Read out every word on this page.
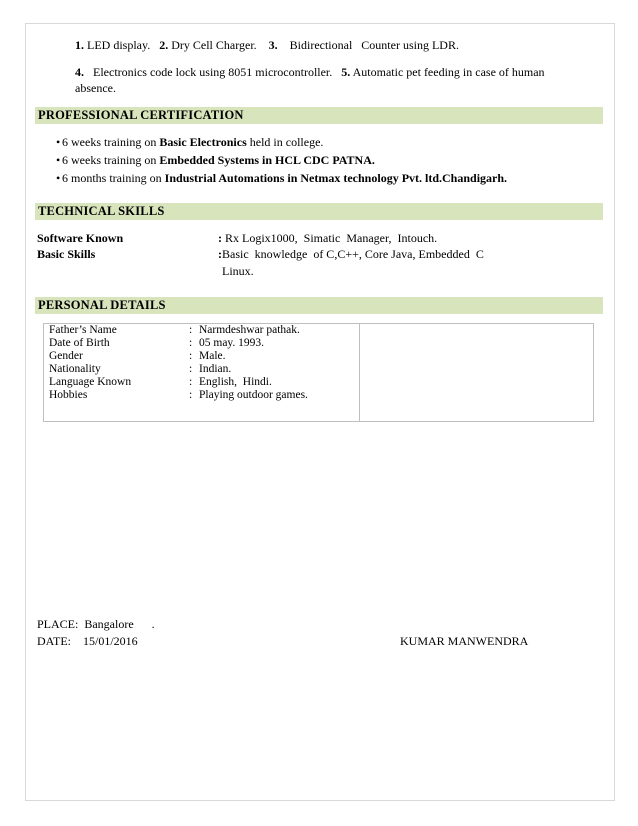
1. LED display. 2. Dry Cell Charger. 3. Bidirectional   Counter using LDR.
4. Electronics code lock using 8051 microcontroller. 5. Automatic pet feeding in case of human
absence.
PROFESSIONAL CERTIFICATION
• 6 weeks training on Basic Electronics held in college.
• 6 weeks training on Embedded Systems in HCL CDC PATNA.
• 6 months training on Industrial Automations in Netmax technology Pvt. ltd.Chandigarh.
TECHNICAL SKILLS
Software Known	: Rx Logix1000,  Simatic  Manager,  Intouch.
Basic Skills	:Basic  knowledge  of C,C++, Core Java, Embedded  C
Linux.
PERSONAL DETAILS
Father’s Name	: Narmdeshwar pathak.
Date of Birth	: 05 may. 1993.
Gender	: Male.
Nationality	: Indian.
Language Known	: English,  Hindi.
Hobbies	: Playing outdoor games.
PLACE:  Bangalore      .
DATE:    15/01/2016	KUMAR MANWENDRA
